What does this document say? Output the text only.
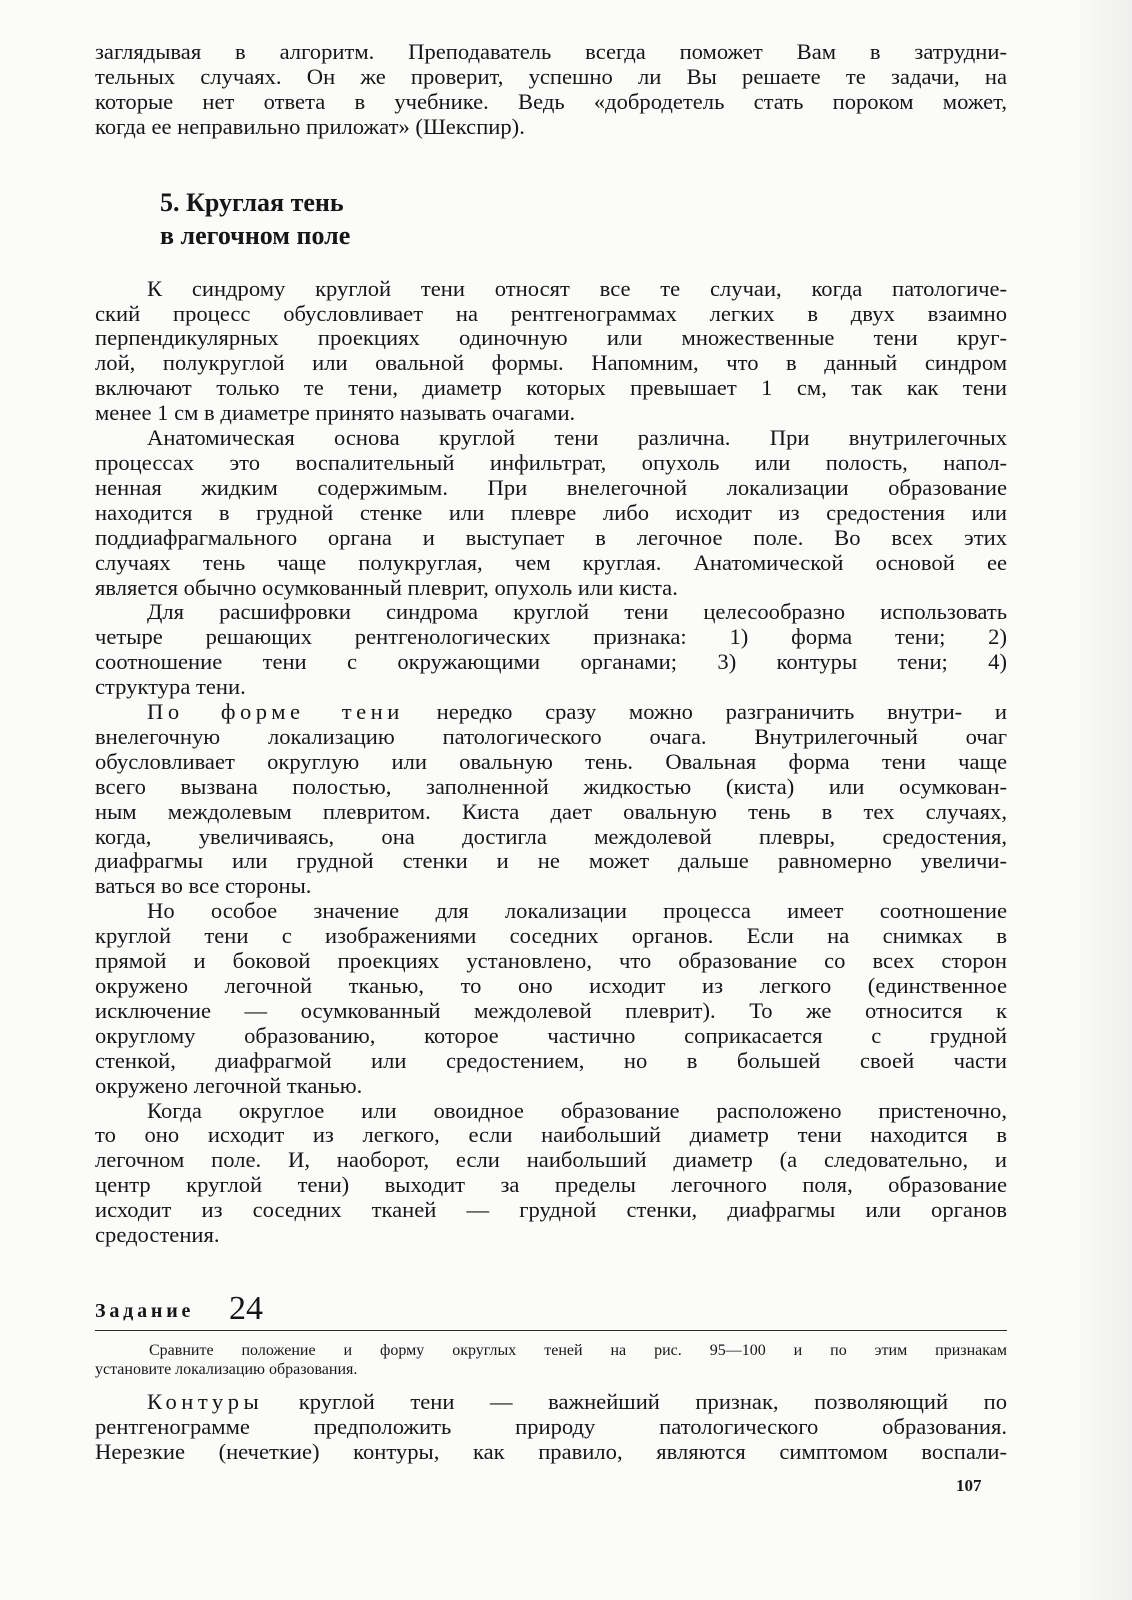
заглядывая в алгоритм. Преподаватель всегда поможет Вам в затрудни-

тельных случаях. Он же проверит, успешно ли Вы решаете те задачи, на

которые нет ответа в учебнике. Ведь «добродетель стать пороком может,

когда ее неправильно приложат» (Шекспир).

5. Круглая тень
в легочном поле

К синдрому круглой тени относят все те случаи, когда патологиче-

ский процесс обусловливает на рентгенограммах легких в двух взаимно

перпендикулярных проекциях одиночную или множественные тени круг-

лой, полукруглой или овальной формы. Напомним, что в данный синдром

включают только те тени, диаметр которых превышает 1 см, так как тени

менее 1 см в диаметре принято называть очагами.

Анатомическая основа круглой тени различна. При внутрилегочных

процессах это воспалительный инфильтрат, опухоль или полость, напол-

ненная жидким содержимым. При внелегочной локализации образование

находится в грудной стенке или плевре либо исходит из средостения или

поддиафрагмального органа и выступает в легочное поле. Во всех этих

случаях тень чаще полукруглая, чем круглая. Анатомической основой ее

является обычно осумкованный плеврит, опухоль или киста.

Для расшифровки синдрома круглой тени целесообразно использовать

четыре решающих рентгенологических признака: 1) форма тени; 2)

соотношение тени с окружающими органами; 3) контуры тени; 4)

структура тени.

По форме тени нередко сразу можно разграничить внутри- и

внелегочную локализацию патологического очага. Внутрилегочный очаг

обусловливает округлую или овальную тень. Овальная форма тени чаще

всего вызвана полостью, заполненной жидкостью (киста) или осумкован-

ным междолевым плевритом. Киста дает овальную тень в тех случаях,

когда, увеличиваясь, она достигла междолевой плевры, средостения,

диафрагмы или грудной стенки и не может дальше равномерно увеличи-

ваться во все стороны.

Но особое значение для локализации процесса имеет соотношение

круглой тени с изображениями соседних органов. Если на снимках в

прямой и боковой проекциях установлено, что образование со всех сторон

окружено легочной тканью, то оно исходит из легкого (единственное

исключение — осумкованный междолевой плеврит). То же относится к

округлому образованию, которое частично соприкасается с грудной

стенкой, диафрагмой или средостением, но в большей своей части

окружено легочной тканью.

Когда округлое или овоидное образование расположено пристеночно,

то оно исходит из легкого, если наибольший диаметр тени находится в

легочном поле. И, наоборот, если наибольший диаметр (а следовательно, и

центр круглой тени) выходит за пределы легочного поля, образование

исходит из соседних тканей — грудной стенки, диафрагмы или органов

средостения.

Задание 24
Сравните положение и форму округлых теней на рис. 95—100 и по этим признакам
установите локализацию образования.

Контуры круглой тени — важнейший признак, позволяющий по

рентгенограмме предположить природу патологического образования.

Нерезкие (нечеткие) контуры, как правило, являются симптомом воспали-

107
